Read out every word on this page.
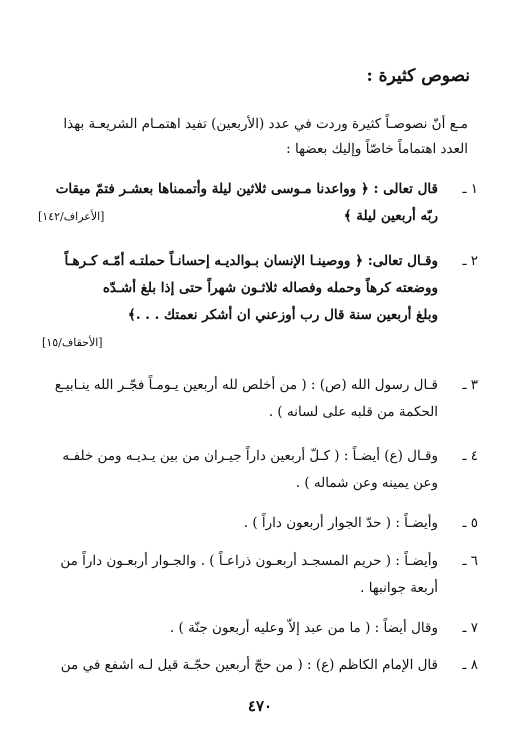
نصوص كثيرة :

مـع أنّ نصوصـاً كثيرة وردت في عدد (الأربعين) تفيد اهتمـام الشريعـة بهذا العدد اهتماماً خاصّاً وإليك بعضها :

١ ـ
قال تعالى : ﴿ وواعدنا مـوسى ثلاثين ليلة وأتممناها بعشـر فتمّ ميقات
ربّه أربعين ليلة ﴾
[الأعراف/١٤٢]
٢ ـ
وقـال تعالى: ﴿ ووصينـا الإنسان بـوالديـه إحسانـاً حملتـه أمّـه كـرهـاً
ووضعته كرهاً وحمله وفصاله ثلاثـون شهراً حتى إذا بلغ أشـدّه
وبلغ أربعين سنة قال رب أوزعني ان أشكر نعمتك . . .﴾
[الأحقاف/١٥]
٣ ـ
قـال رسول الله (ص) : ( من أخلص لله أربعين يـومـاً فجّـر الله ينـابيـع
الحكمة من قلبه على لسانه ) .
٤ ـ
وقـال (ع) أيضـاً : ( كـلّ أربعين داراً جيـران من بين يـديـه ومن خلفـه
وعن يمينه وعن شماله ) .
٥ ـ
وأيضـاً : ( حدّ الجوار أربعون داراً ) .
٦ ـ
وأيضـاً : ( حريم المسجـد أربعـون ذراعـاً ) . والجـوار أربعـون داراً من
أربعة جوانبها .
٧ ـ
وقال أيضاً : ( ما من عبد إلاّ وعليه أربعون جنّة ) .
٨ ـ
قال الإمام الكاظم (ع) : ( من حجّ أربعين حجّـة قيل لـه اشفع في من
٤٧٠
